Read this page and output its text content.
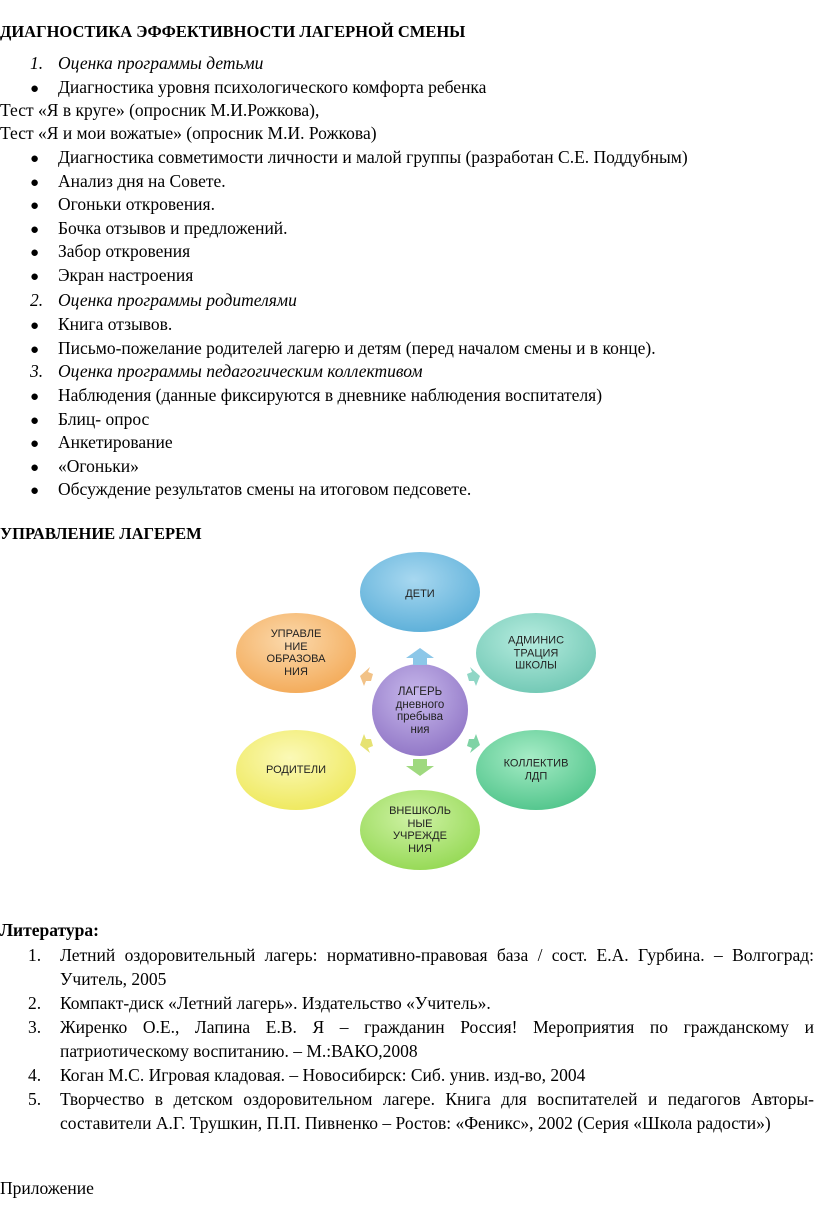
ДИАГНОСТИКА ЭФФЕКТИВНОСТИ ЛАГЕРНОЙ СМЕНЫ
1. Оценка программы детьми
● Диагностика уровня психологического комфорта ребенка
Тест «Я в круге» (опросник М.И.Рожкова),
Тест «Я и мои вожатые» (опросник М.И. Рожкова)
● Диагностика совметимости личности и малой группы (разработан С.Е. Поддубным)
● Анализ дня на Совете.
● Огоньки откровения.
● Бочка отзывов и предложений.
● Забор откровения
● Экран настроения
2. Оценка программы родителями
● Книга отзывов.
● Письмо-пожелание родителей лагерю и детям (перед началом смены и в конце).
3. Оценка программы педагогическим коллективом
● Наблюдения (данные фиксируются в дневнике наблюдения воспитателя)
● Блиц- опрос
● Анкетирование
● «Огоньки»
● Обсуждение результатов смены на итоговом педсовете.
УПРАВЛЕНИЕ ЛАГЕРЕМ
ДЕТИ
АДМИНИС
ТРАЦИЯ
ШКОЛЫ
КОЛЛЕКТИВ
ЛДП
ВНЕШКОЛЬ
НЫЕ
УЧРЕЖДЕ
НИЯ
РОДИТЕЛИ
УПРАВЛЕ
НИЕ
ОБРАЗОВА
НИЯ
ЛАГЕРЬ
дневного
пребыва
ния
Литература:
1. Летний оздоровительный лагерь: нормативно-правовая база / сост. Е.А. Гурбина. – Волгоград: Учитель, 2005
2. Компакт-диск «Летний лагерь». Издательство «Учитель».
3. Жиренко О.Е., Лапина Е.В. Я – гражданин Россия! Мероприятия по гражданскому и патриотическому воспитанию. – М.:ВАКО,2008
4. Коган М.С. Игровая кладовая. – Новосибирск: Сиб. унив. изд-во, 2004
5. Творчество в детском оздоровительном лагере. Книга для воспитателей и педагогов Авторы-составители А.Г. Трушкин, П.П. Пивненко – Ростов: «Феникс», 2002 (Серия «Школа радости»)
Приложение
